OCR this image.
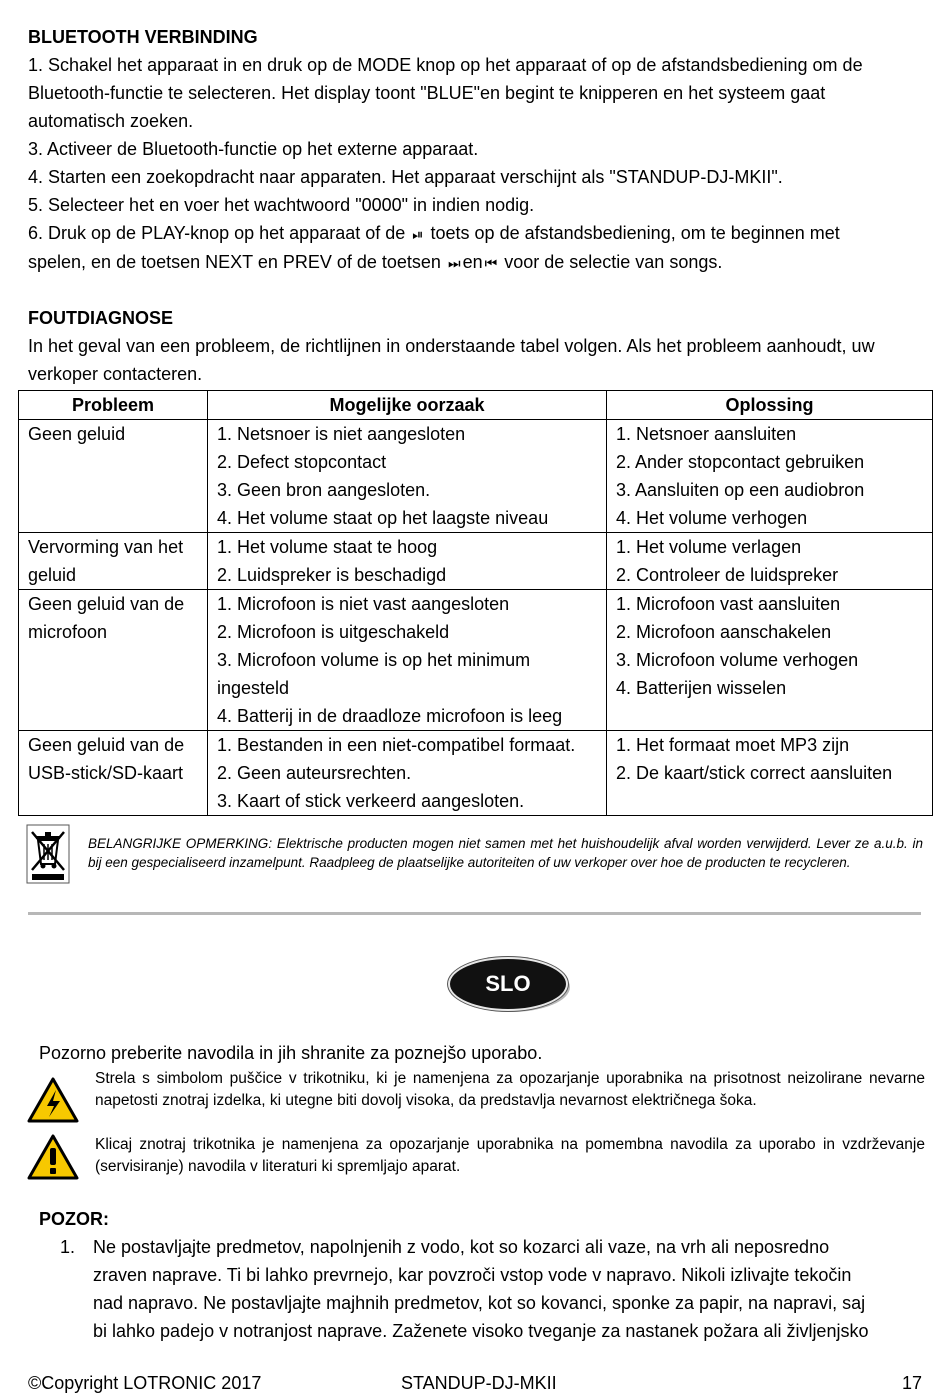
BLUETOOTH VERBINDING
1. Schakel het apparaat in en druk op de MODE knop op het apparaat of op de afstandsbediening om de
Bluetooth-functie te selecteren. Het display toont "BLUE"en begint te knipperen en het systeem gaat
automatisch zoeken.
3. Activeer de Bluetooth-functie op het externe apparaat.
4. Starten een zoekopdracht naar apparaten. Het apparaat verschijnt als "STANDUP-DJ-MKII".
5. Selecteer het en voer het wachtwoord "0000" in indien nodig.
6. Druk op de PLAY-knop op het apparaat of de ⏯ toets op de afstandsbediening, om te beginnen met
spelen, en de toetsen NEXT en PREV of de toetsen ⏭ en ⏮ voor de selectie van songs.
FOUTDIAGNOSE
In het geval van een probleem, de richtlijnen in onderstaande tabel volgen. Als het probleem aanhoudt, uw
verkoper contacteren.
Probleem	Mogelijke oorzaak	Oplossing

Geen geluid	1. Netsnoer is niet aangesloten
2. Defect stopcontact
3. Geen bron aangesloten.
4. Het volume staat op het laagste niveau	1. Netsnoer aansluiten
2. Ander stopcontact gebruiken
3. Aansluiten op een audiobron
4. Het volume verhogen

Vervorming van het
geluid	1. Het volume staat te hoog
2. Luidspreker is beschadigd	1. Het volume verlagen
2. Controleer de luidspreker

Geen geluid van de
microfoon	1. Microfoon is niet vast aangesloten
2. Microfoon is uitgeschakeld
3. Microfoon volume is op het minimum
ingesteld
4. Batterij in de draadloze microfoon is leeg	1. Microfoon vast aansluiten
2. Microfoon aanschakelen
3. Microfoon volume verhogen
4. Batterijen wisselen

Geen geluid van de
USB-stick/SD-kaart	1. Bestanden in een niet-compatibel formaat.
2. Geen auteursrechten.
3. Kaart of stick verkeerd aangesloten.	1. Het formaat moet MP3 zijn
2. De kaart/stick correct aansluiten
BELANGRIJKE OPMERKING: Elektrische producten mogen niet samen met het huishoudelijk afval worden verwijderd. Lever ze a.u.b. in bij een gespecialiseerd inzamelpunt. Raadpleeg de plaatselijke autoriteiten of uw verkoper over hoe de producten te recycleren.
SLO
Pozorno preberite navodila in jih shranite za poznejšo uporabo.
Strela s simbolom puščice v trikotniku, ki je namenjena za opozarjanje uporabnika na prisotnost neizolirane nevarne napetosti znotraj izdelka, ki utegne biti dovolj visoka, da predstavlja nevarnost električnega šoka.
Klicaj znotraj trikotnika je namenjena za opozarjanje uporabnika na pomembna navodila za uporabo in vzdrževanje (servisiranje) navodila v literaturi ki spremljajo aparat.
POZOR:
1. Ne postavljajte predmetov, napolnjenih z vodo, kot so kozarci ali vaze, na vrh ali neposredno
zraven naprave. Ti bi lahko prevrnejo, kar povzroči vstop vode v napravo. Nikoli izlivajte tekočin
nad napravo. Ne postavljajte majhnih predmetov, kot so kovanci, sponke za papir, na napravi, saj
bi lahko padejo v notranjost naprave. Zaženete visoko tveganje za nastanek požara ali življenjsko
©Copyright LOTRONIC 2017	STANDUP-DJ-MKII	17
